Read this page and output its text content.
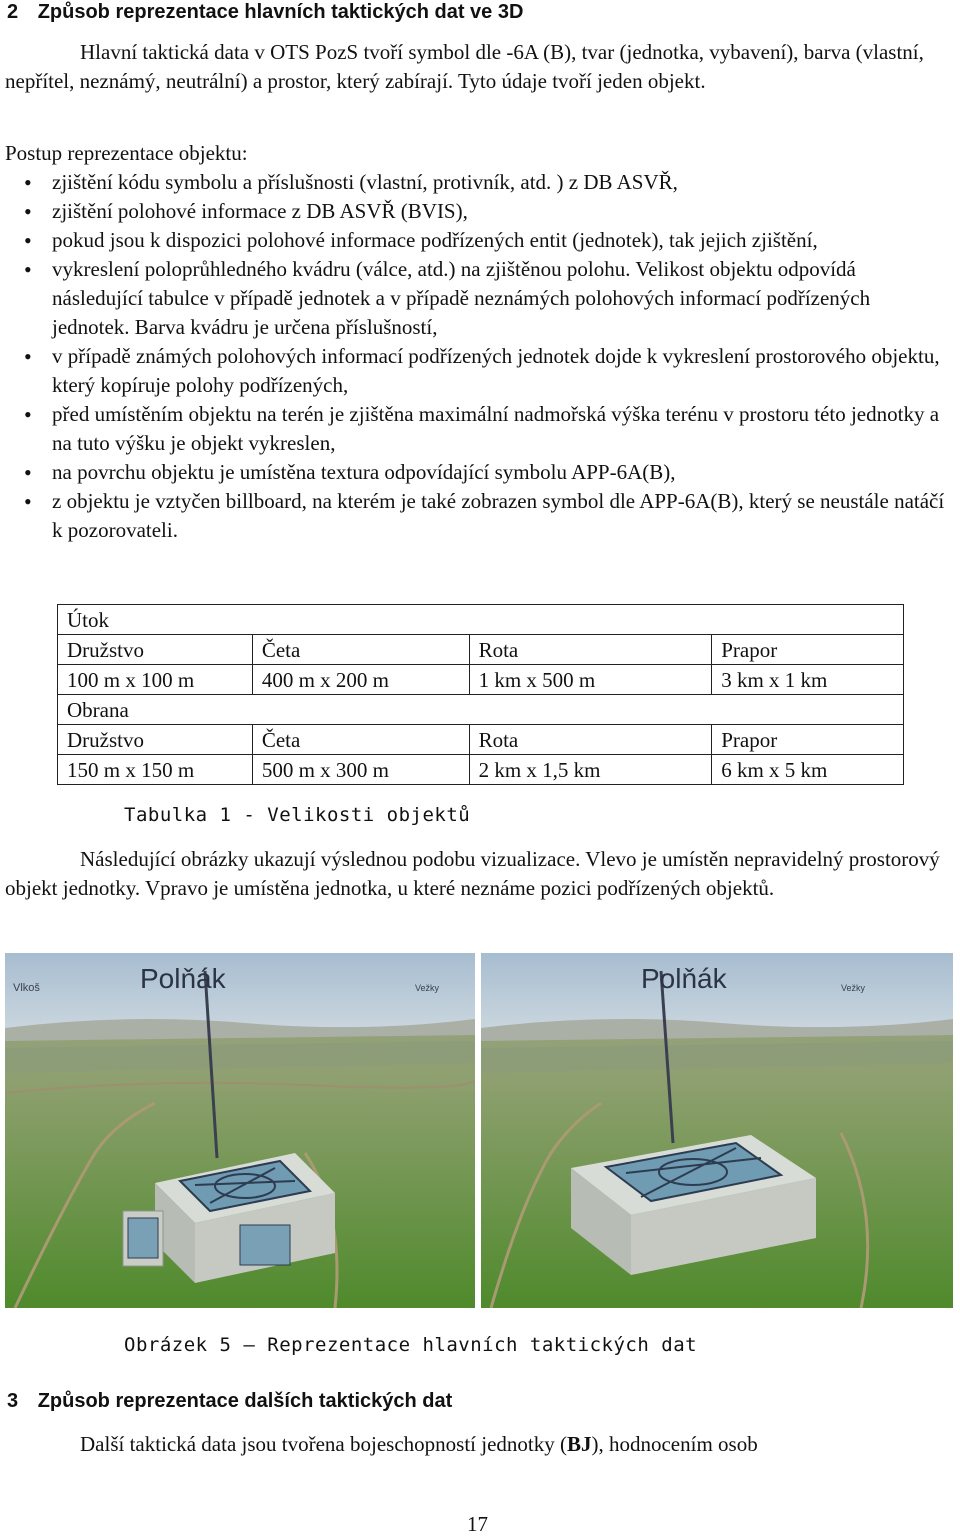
2 Způsob reprezentace hlavních taktických dat ve 3D
Hlavní taktická data v OTS PozS tvoří symbol dle -6A (B), tvar (jednotka, vybavení), barva (vlastní, nepřítel, neznámý, neutrální) a prostor, který zabírají. Tyto údaje tvoří jeden objekt.
Postup reprezentace objektu:
• zjištění kódu symbolu a příslušnosti (vlastní, protivník, atd. ) z DB ASVŘ,
• zjištění polohové informace z DB ASVŘ (BVIS),
• pokud jsou k dispozici polohové informace podřízených entit (jednotek), tak jejich zjištění,
• vykreslení poloprůhledného kvádru (válce, atd.) na zjištěnou polohu. Velikost objektu odpovídá následující tabulce v případě jednotek a v případě neznámých polohových informací podřízených jednotek. Barva kvádru je určena příslušností,
• v případě známých polohových informací podřízených jednotek dojde k vykreslení prostorového objektu, který kopíruje polohy podřízených,
• před umístěním objektu na terén je zjištěna maximální nadmořská výška terénu v prostoru této jednotky a na tuto výšku je objekt vykreslen,
• na povrchu objektu je umístěna textura odpovídající symbolu APP-6A(B),
• z objektu je vztyčen billboard, na kterém je také zobrazen symbol dle APP-6A(B), který se neustále natáčí k pozorovateli.
Útok			
Družstvo	Četa	Rota	Prapor
100 m x 100 m	400 m x 200 m	1 km x 500 m	3 km x 1 km
Obrana			
Družstvo	Četa	Rota	Prapor
150 m x 150 m	500 m x 300 m	2 km x 1,5 km	6 km x 5 km
Tabulka 1 - Velikosti objektů
Následující obrázky ukazují výslednou podobu vizualizace. Vlevo je umístěn nepravidelný prostorový objekt jednotky. Vpravo je umístěna jednotka, u které neznáme pozici podřízených objektů.
Polňák
Vlkoš	Vežky	Polňák	Vežky
Obrázek 5 – Reprezentace hlavních taktických dat
3 Způsob reprezentace dalších taktických dat
Další taktická data jsou tvořena bojeschopností jednotky (BJ), hodnocením osob
17
